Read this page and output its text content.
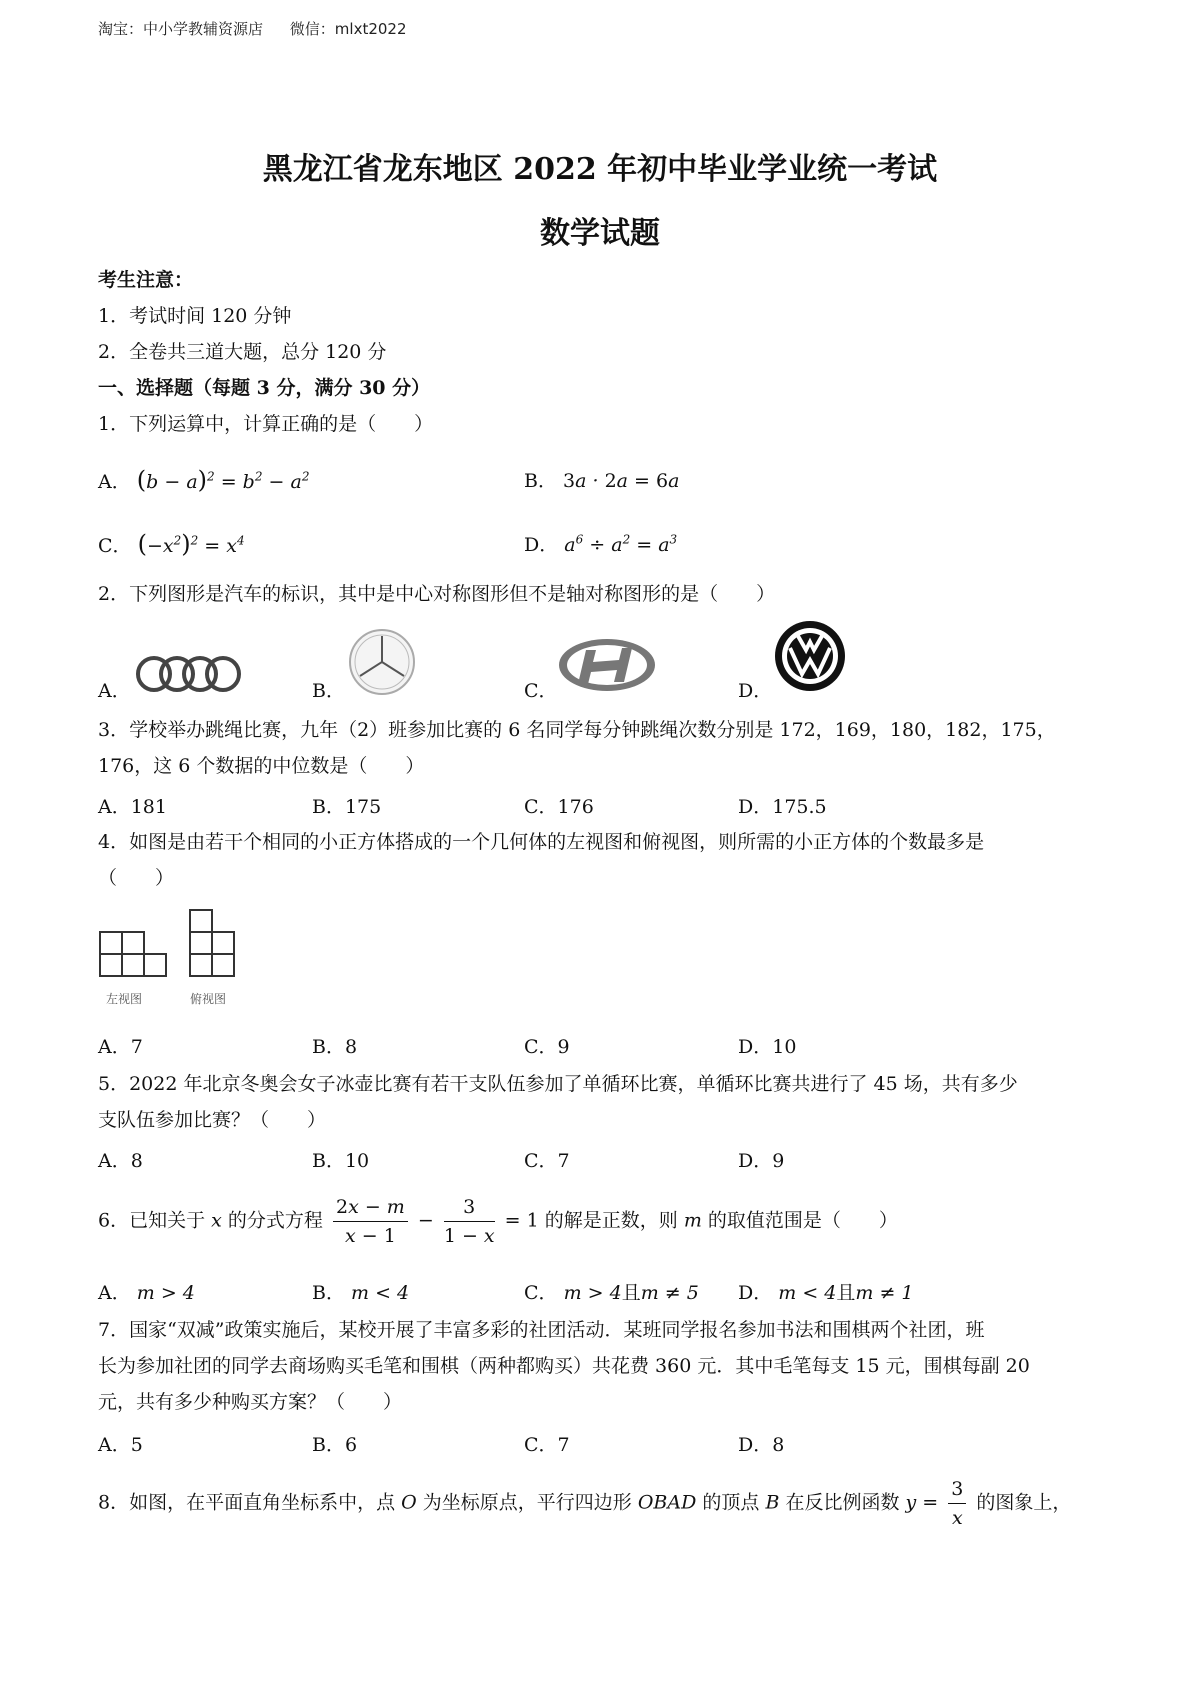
淘宝：中小学教辅资源店 微信：mlxt2022
黑龙江省龙东地区 2022 年初中毕业学业统一考试
数学试题
考生注意：
1．考试时间 120 分钟
2．全卷共三道大题，总分 120 分
一、选择题（每题 3 分，满分 30 分）
1．下列运算中，计算正确的是（　　）
A． $(b - a)^2 = b^2 - a^2$	B． 3a · 2a = 6a
C． $(-x^2)^2 = x^4$	D． $a^6 \div a^2 = a^3$
2．下列图形是汽车的标识，其中是中心对称图形但不是轴对称图形的是（　　）
A．	B．	C．	D．
3．学校举办跳绳比赛，九年（2）班参加比赛的 6 名同学每分钟跳绳次数分别是 172，169，180，182，175，
176，这 6 个数据的中位数是（　　）
A．181	B．175	C．176	D．175.5
4．如图是由若干个相同的小正方体搭成的一个几何体的左视图和俯视图，则所需的小正方体的个数最多是
（　　）
左视图	俯视图
A．7	B．8	C．9	D．10
5．2022 年北京冬奥会女子冰壶比赛有若干支队伍参加了单循环比赛，单循环比赛共进行了 45 场，共有多少
支队伍参加比赛？（　　）
A．8	B．10	C．7	D．9
6．已知关于 x 的分式方程 $\frac{2x - m}{x - 1} - \frac{3}{1 - x} = 1$ 的解是正数，则 m 的取值范围是（　　）
A． m > 4	B． m < 4	C． m > 4且m ≠ 5 D． m < 4且m ≠ 1
7．国家“双减”政策实施后，某校开展了丰富多彩的社团活动．某班同学报名参加书法和围棋两个社团，班
长为参加社团的同学去商场购买毛笔和围棋（两种都购买）共花费 360 元．其中毛笔每支 15 元，围棋每副 20
元，共有多少种购买方案？（　　）
A．5	B．6	C．7	D．8
8．如图，在平面直角坐标系中，点 O 为坐标原点，平行四边形 OBAD 的顶点 B 在反比例函数 $y = \frac{3}{x}$ 的图象上，
